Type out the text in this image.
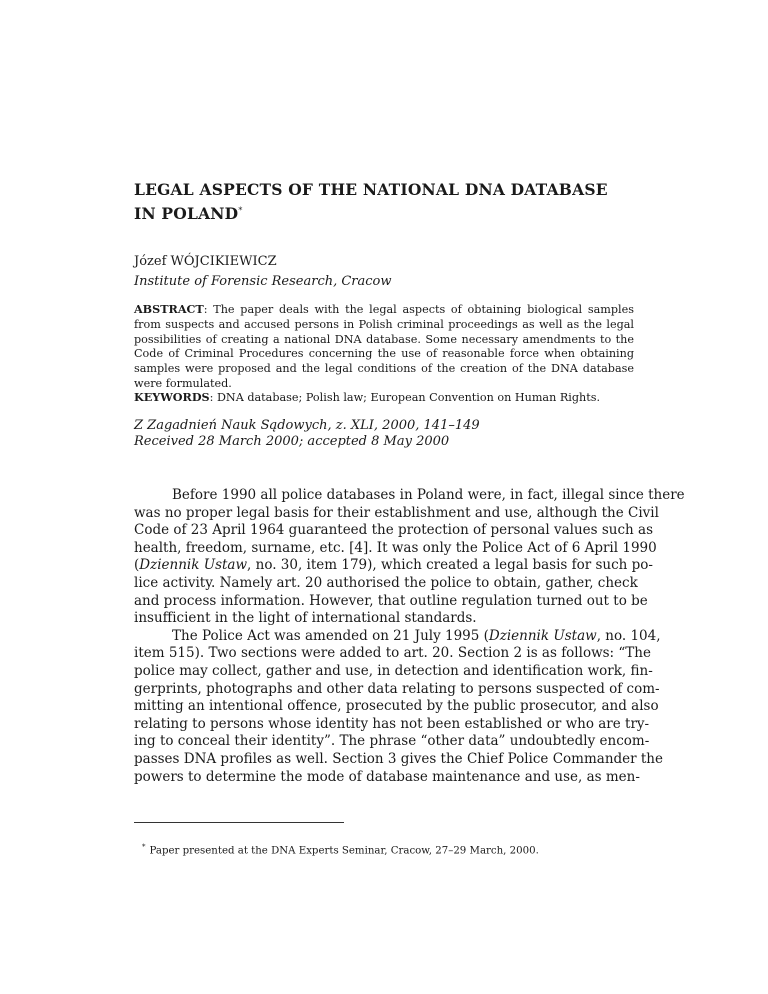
LEGAL ASPECTS OF THE NATIONAL DNA DATABASE
IN POLAND*

Józef WÓJCIKIEWICZ

Institute of Forensic Research, Cracow

ABSTRACT: The paper deals with the legal aspects of obtaining biological samples from suspects and accused persons in Polish criminal proceedings as well as the legal possibilities of creating a national DNA database. Some necessary amendments to the Code of Criminal Procedures concerning the use of reasonable force when obtaining samples were proposed and the legal conditions of the creation of the DNA database were formulated.

KEYWORDS: DNA database; Polish law; European Convention on Human Rights.

Z Zagadnień Nauk Sądowych, z. XLI, 2000, 141–149
Received 28 March 2000; accepted 8 May 2000

Before 1990 all police databases in Poland were, in fact, illegal since there
was no proper legal basis for their establishment and use, although the Civil
Code of 23 April 1964 guaranteed the protection of personal values such as
health, freedom, surname, etc. [4]. It was only the Police Act of 6 April 1990
(Dziennik Ustaw, no. 30, item 179), which created a legal basis for such po-
lice activity. Namely art. 20 authorised the police to obtain, gather, check
and process information. However, that outline regulation turned out to be
insufficient in the light of international standards.
The Police Act was amended on 21 July 1995 (Dziennik Ustaw, no. 104,
item 515). Two sections were added to art. 20. Section 2 is as follows: “The
police may collect, gather and use, in detection and identification work, fin-
gerprints, photographs and other data relating to persons suspected of com-
mitting an intentional offence, prosecuted by the public prosecutor, and also
relating to persons whose identity has not been established or who are try-
ing to conceal their identity”. The phrase “other data” undoubtedly encom-
passes DNA profiles as well. Section 3 gives the Chief Police Commander the
powers to determine the mode of database maintenance and use, as men-

* Paper presented at the DNA Experts Seminar, Cracow, 27–29 March, 2000.
